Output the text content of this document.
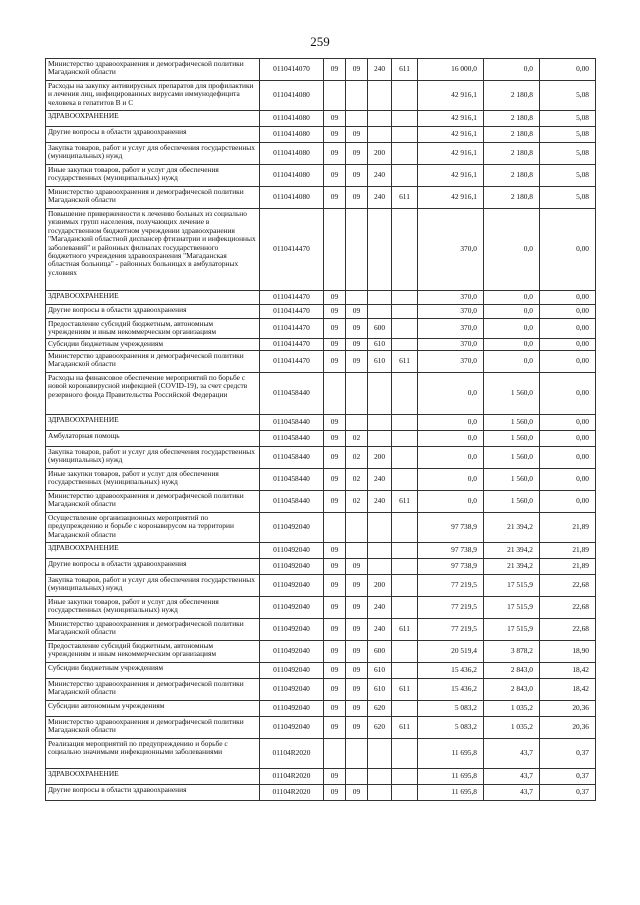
259
Министерство здравоохранения и демографической политики Магаданской области	0110414070	09	09	240	611	16 000,0	0,0	0,00
Расходы на закупку антивирусных препаратов для профилактики и лечения лиц, инфицированных вирусами иммунодефицита человека в гепатитов В и С	0110414080					42 916,1	2 180,8	5,08
ЗДРАВООХРАНЕНИЕ	0110414080	09				42 916,1	2 180,8	5,08
Другие вопросы в области здравоохранения	0110414080	09	09			42 916,1	2 180,8	5,08
Закупка товаров, работ и услуг для обеспечения государственных (муниципальных) нужд	0110414080	09	09	200		42 916,1	2 180,8	5,08
Иные закупки товаров, работ и услуг для обеспечения государственных (муниципальных) нужд	0110414080	09	09	240		42 916,1	2 180,8	5,08
Министерство здравоохранения и демографической политики Магаданской области	0110414080	09	09	240	611	42 916,1	2 180,8	5,08
Повышение приверженности к лечению больных из социально уязвимых групп населения, получающих лечение в государственном бюджетном учреждении здравоохранения "Магаданский областной диспансер фтизиатрии и инфекционных заболеваний" и районных филиалах государственного бюджетного учреждения здравоохранения "Магаданская областная больница" - районных больницах в амбулаторных условиях	0110414470					370,0	0,0	0,00
ЗДРАВООХРАНЕНИЕ	0110414470	09				370,0	0,0	0,00
Другие вопросы в области здравоохранения	0110414470	09	09			370,0	0,0	0,00
Предоставление субсидий бюджетным, автономным учреждениям и иным некоммерческим организациям	0110414470	09	09	600		370,0	0,0	0,00
Субсидии бюджетным учреждениям	0110414470	09	09	610		370,0	0,0	0,00
Министерство здравоохранения и демографической политики Магаданской области	0110414470	09	09	610	611	370,0	0,0	0,00
Расходы на финансовое обеспечение мероприятий по борьбе с новой коронавирусной инфекцией (COVID-19), за счет средств резервного фонда Правительства Российской Федерации	0110458440					0,0	1 560,0	0,00
ЗДРАВООХРАНЕНИЕ	0110458440	09				0,0	1 560,0	0,00
Амбулаторная помощь	0110458440	09	02			0,0	1 560,0	0,00
Закупка товаров, работ и услуг для обеспечения государственных (муниципальных) нужд	0110458440	09	02	200		0,0	1 560,0	0,00
Иные закупки товаров, работ и услуг для обеспечения государственных (муниципальных) нужд	0110458440	09	02	240		0,0	1 560,0	0,00
Министерство здравоохранения и демографической политики Магаданской области	0110458440	09	02	240	611	0,0	1 560,0	0,00
Осуществление организационных мероприятий по предупреждению и борьбе с коронавирусом на территории Магаданской области	0110492040					97 738,9	21 394,2	21,89
ЗДРАВООХРАНЕНИЕ	0110492040	09				97 738,9	21 394,2	21,89
Другие вопросы в области здравоохранения	0110492040	09	09			97 738,9	21 394,2	21,89
Закупка товаров, работ и услуг для обеспечения государственных (муниципальных) нужд	0110492040	09	09	200		77 219,5	17 515,9	22,68
Иные закупки товаров, работ и услуг для обеспечения государственных (муниципальных) нужд	0110492040	09	09	240		77 219,5	17 515,9	22,68
Министерство здравоохранения и демографической политики Магаданской области	0110492040	09	09	240	611	77 219,5	17 515,9	22,68
Предоставление субсидий бюджетным, автономным учреждениям и иным некоммерческим организациям	0110492040	09	09	600		20 519,4	3 878,2	18,90
Субсидии бюджетным учреждениям	0110492040	09	09	610		15 436,2	2 843,0	18,42
Министерство здравоохранения и демографической политики Магаданской области	0110492040	09	09	610	611	15 436,2	2 843,0	18,42
Субсидии автономным учреждениям	0110492040	09	09	620		5 083,2	1 035,2	20,36
Министерство здравоохранения и демографической политики Магаданской области	0110492040	09	09	620	611	5 083,2	1 035,2	20,36
Реализация мероприятий по предупреждению и борьбе с социально значимыми инфекционными заболеваниями	01104R2020					11 695,8	43,7	0,37
ЗДРАВООХРАНЕНИЕ	01104R2020	09				11 695,8	43,7	0,37
Другие вопросы в области здравоохранения	01104R2020	09	09			11 695,8	43,7	0,37
